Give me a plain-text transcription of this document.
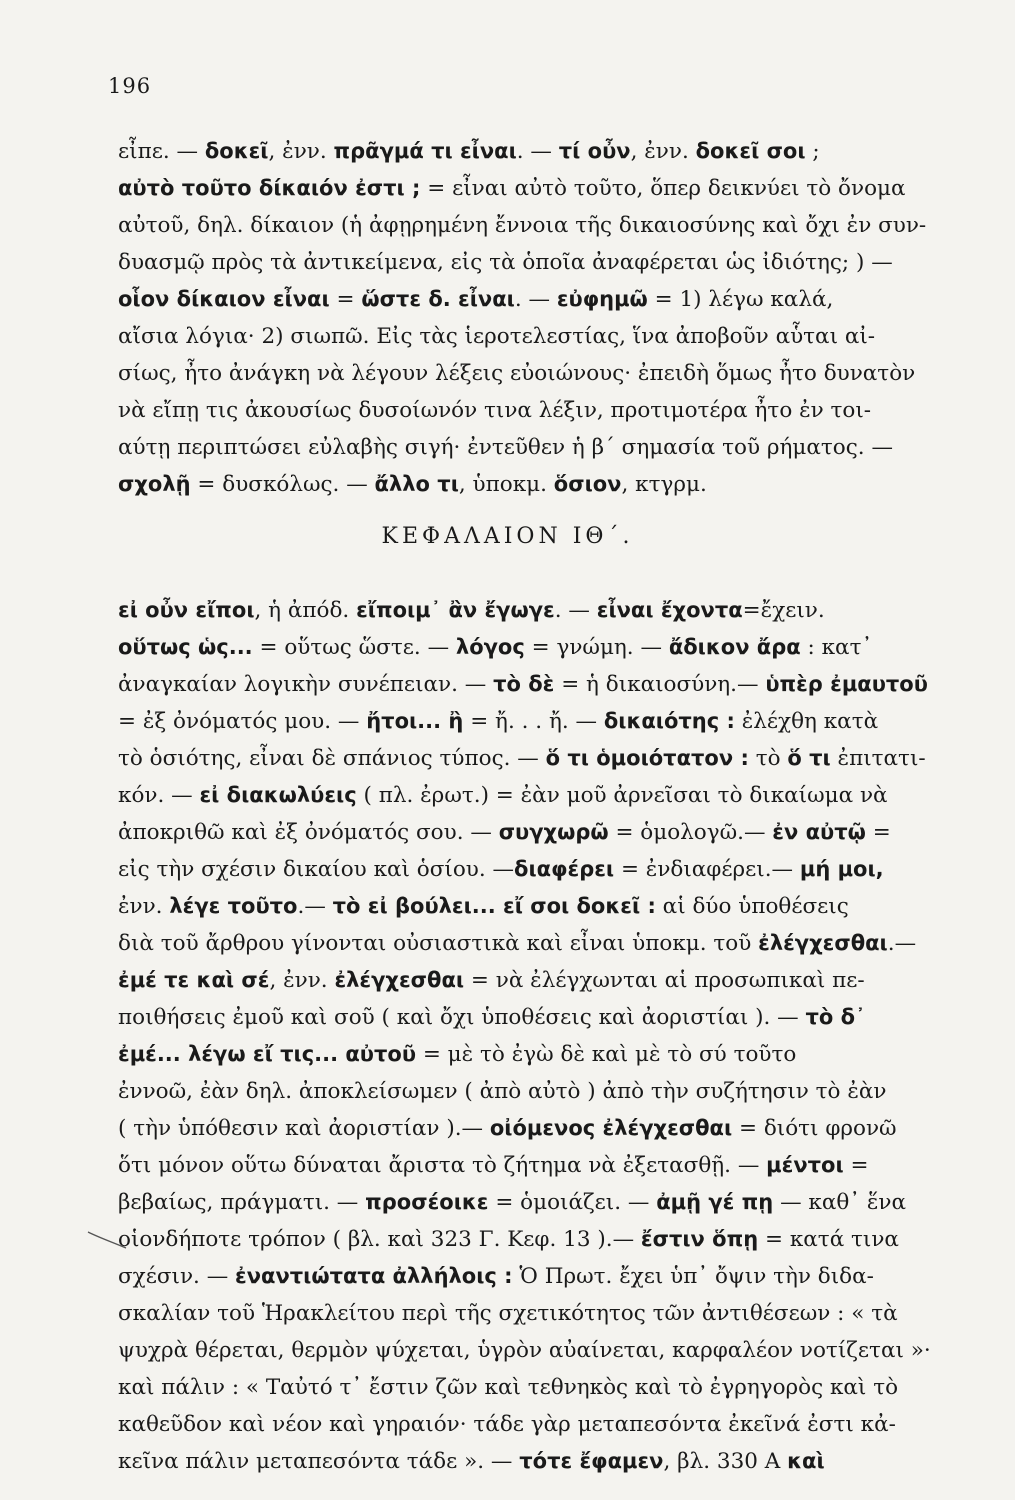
196
εἶπε. — δοκεῖ, ἐνν. πρᾶγμά τι εἶναι. — τί οὖν, ἐνν. δοκεῖ σοι ;
αὐτὸ τοῦτο δίκαιόν ἐστι ; = εἶναι αὐτὸ τοῦτο, ὅπερ δεικνύει τὸ ὄνομα
αὐτοῦ, δηλ. δίκαιον (ἡ ἀφῃρημένη ἔννοια τῆς δικαιοσύνης καὶ ὄχι ἐν συν-
δυασμῷ πρὸς τὰ ἀντικείμενα, εἰς τὰ ὁποῖα ἀναφέρεται ὡς ἰδιότης; ) —
οἷον δίκαιον εἶναι = ὥστε δ. εἶναι. — εὐφημῶ = 1) λέγω καλά,
αἴσια λόγια· 2) σιωπῶ. Εἰς τὰς ἱεροτελεστίας, ἵνα ἀποβοῦν αὗται αἰ-
σίως, ἦτο ἀνάγκη νὰ λέγουν λέξεις εὐοιώνους· ἐπειδὴ ὅμως ἦτο δυνατὸν
νὰ εἴπῃ τις ἀκουσίως δυσοίωνόν τινα λέξιν, προτιμοτέρα ἦτο ἐν τοι-
αύτῃ περιπτώσει εὐλαβὴς σιγή· ἐντεῦθεν ἡ β΄ σημασία τοῦ ρήματος. —
σχολῇ = δυσκόλως. — ἄλλο τι, ὑποκμ. ὅσιον, κτγρμ.
ΚΕΦΑΛΑΙΟΝ ΙΘ΄.
εἰ οὖν εἴποι, ἡ ἀπόδ. εἴποιμ᾽ ἂν ἔγωγε. — εἶναι ἔχοντα=ἔχειν.
οὕτως ὡς... = οὕτως ὥστε. — λόγος = γνώμη. — ἄδικον ἄρα : κατ᾽
ἀναγκαίαν λογικὴν συνέπειαν. — τὸ δὲ = ἡ δικαιοσύνη.— ὑπὲρ ἐμαυτοῦ
= ἐξ ὀνόματός μου. — ἤτοι... ἢ = ἤ. . . ἤ. — δικαιότης : ἐλέχθη κατὰ
τὸ ὁσιότης, εἶναι δὲ σπάνιος τύπος. — ὅ τι ὁμοιότατον : τὸ ὅ τι ἐπιτατι-
κόν. — εἰ διακωλύεις ( πλ. ἐρωτ.) = ἐὰν μοῦ ἀρνεῖσαι τὸ δικαίωμα νὰ
ἀποκριθῶ καὶ ἐξ ὀνόματός σου. — συγχωρῶ = ὁμολογῶ.— ἐν αὐτῷ =
εἰς τὴν σχέσιν δικαίου καὶ ὁσίου. —διαφέρει = ἐνδιαφέρει.— μή μοι,
ἐνν. λέγε τοῦτο.— τὸ εἰ βούλει... εἴ σοι δοκεῖ : αἱ δύο ὑποθέσεις
διὰ τοῦ ἄρθρου γίνονται οὐσιαστικὰ καὶ εἶναι ὑποκμ. τοῦ ἐλέγχεσθαι.—
ἐμέ τε καὶ σέ, ἐνν. ἐλέγχεσθαι = νὰ ἐλέγχωνται αἱ προσωπικαὶ πε-
ποιθήσεις ἐμοῦ καὶ σοῦ ( καὶ ὄχι ὑποθέσεις καὶ ἀοριστίαι ). — τὸ δ᾽
ἐμέ... λέγω εἴ τις... αὐτοῦ = μὲ τὸ ἐγὼ δὲ καὶ μὲ τὸ σύ τοῦτο
ἐννοῶ, ἐὰν δηλ. ἀποκλείσωμεν ( ἀπὸ αὐτὸ ) ἀπὸ τὴν συζήτησιν τὸ ἐὰν
( τὴν ὑπόθεσιν καὶ ἀοριστίαν ).— οἰόμενος ἐλέγχεσθαι = διότι φρονῶ
ὅτι μόνον οὕτω δύναται ἄριστα τὸ ζήτημα νὰ ἐξετασθῇ. — μέντοι =
βεβαίως, πράγματι. — προσέοικε = ὁμοιάζει. — ἀμῇ γέ πῃ — καθ᾽ ἕνα
οἱονδήποτε τρόπον ( βλ. καὶ 323 Γ. Κεφ. 13 ).— ἔστιν ὅπῃ = κατά τινα
σχέσιν. — ἐναντιώτατα ἀλλήλοις : Ὁ Πρωτ. ἔχει ὑπ᾽ ὄψιν τὴν διδα-
σκαλίαν τοῦ Ἡρακλείτου περὶ τῆς σχετικότητος τῶν ἀντιθέσεων : « τὰ
ψυχρὰ θέρεται, θερμὸν ψύχεται, ὑγρὸν αὐαίνεται, καρφαλέον νοτίζεται »·
καὶ πάλιν : « Ταὐτό τ᾽ ἔστιν ζῶν καὶ τεθνηκὸς καὶ τὸ ἐγρηγορὸς καὶ τὸ
καθεῦδον καὶ νέον καὶ γηραιόν· τάδε γὰρ μεταπεσόντα ἐκεῖνά ἐστι κἀ-
κεῖνα πάλιν μεταπεσόντα τάδε ». — τότε ἔφαμεν, βλ. 330 Α καὶ
